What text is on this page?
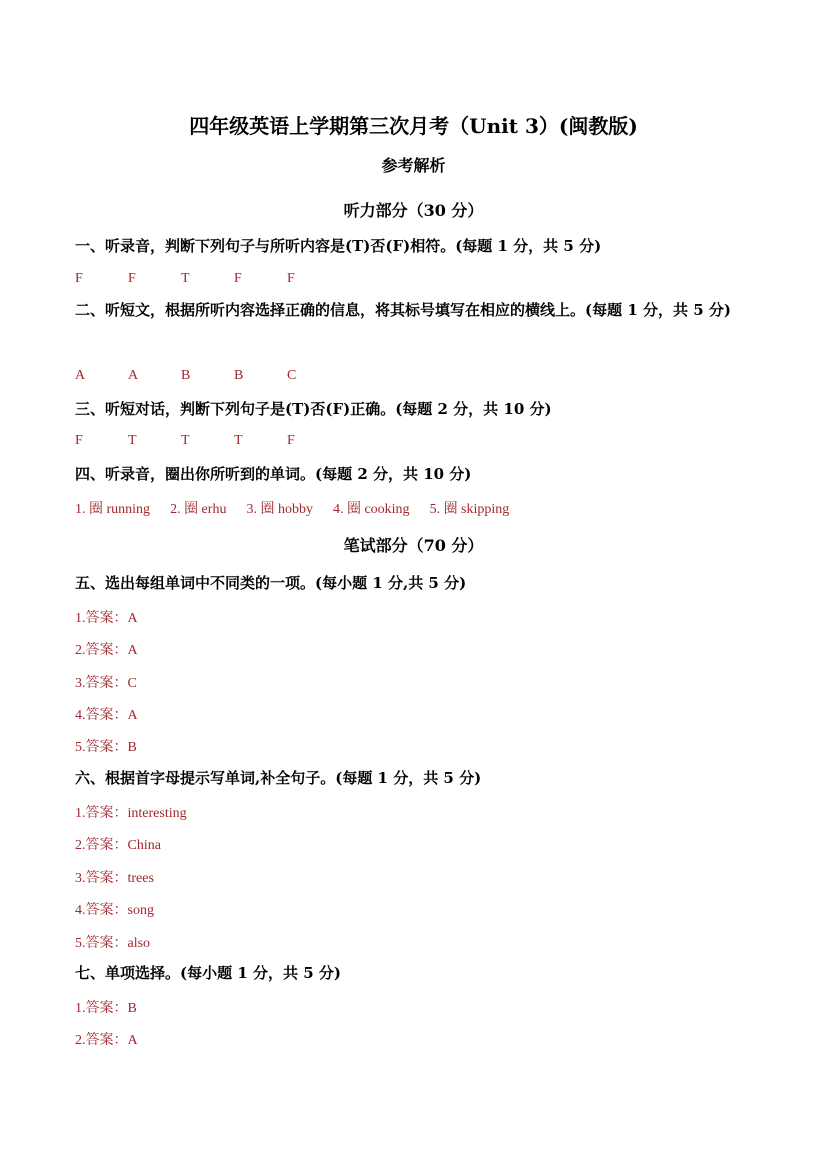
四年级英语上学期第三次月考（Unit 3）(闽教版)
参考解析
听力部分（30 分）
一、听录音，判断下列句子与所听内容是(T)否(F)相符。(每题 1 分，共 5 分)
F	F	T	F	F
二、听短文，根据所听内容选择正确的信息，将其标号填写在相应的横线上。(每题 1 分，共 5 分)
A	A	B	B	C
三、听短对话，判断下列句子是(T)否(F)正确。(每题 2 分，共 10 分)
F	T	T	T	F
四、听录音，圈出你所听到的单词。(每题 2 分，共 10 分)
1. 圈 running 2. 圈 erhu 3. 圈 hobby 4. 圈 cooking 5. 圈 skipping
笔试部分（70 分）
五、选出每组单词中不同类的一项。(每小题 1 分,共 5 分)
1.答案：A
2.答案：A
3.答案：C
4.答案：A
5.答案：B
六、根据首字母提示写单词,补全句子。(每题 1 分，共 5 分)
1.答案：interesting
2.答案：China
3.答案：trees
4.答案：song
5.答案：also
七、单项选择。(每小题 1 分，共 5 分)
1.答案：B
2.答案：A
